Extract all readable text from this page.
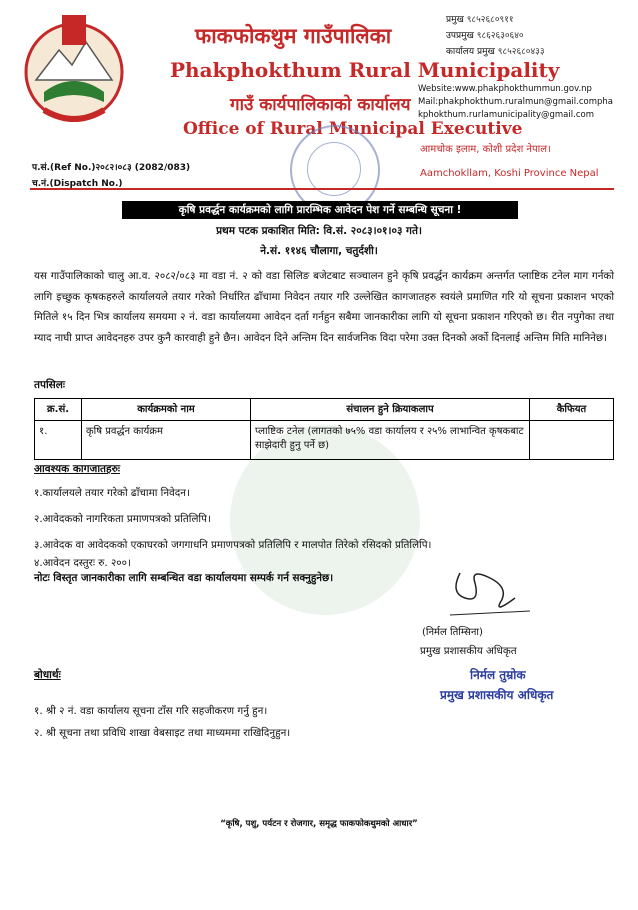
फाकफोकथुम गाउँपालिका
Phakphokthum Rural Municipality
गाउँ कार्यपालिकाको कार्यालय
Office of Rural Municipal Executive
प्रमुख ९८५२६८०९११
उपप्रमुख ९८६२६३०६४०
कार्यालय प्रमुख ९८५२६८०४३३
Website:www.phakphokthummun.gov.np
Mail:phakphokthum.ruralmun@gmail.compha
kphokthum.rurlamunicipality@gmail.com
आमचोक इलाम, कोशी प्रदेश नेपाल।
Aamchokllam, Koshi Province Nepal
प.सं.(Ref No.)२०८२।०८३ (2082/083)
च.नं.(Dispatch No.)
कृषि प्रवर्द्धन कार्यक्रमको लागि प्रारम्भिक आवेदन पेश गर्ने सम्बन्धि सूचना !
प्रथम पटक प्रकाशित मिति: वि.सं. २०८३।०१।०३ गते।
ने.सं. ११४६ चौलागा, चतुर्दशी।
यस गाउँपालिकाको चालु आ.व. २०८२/०८३ मा वडा नं. २ को वडा सिलिङ बजेटबाट सञ्चालन हुने कृषि प्रवर्द्धन कार्यक्रम अन्तर्गत प्लाष्टिक टनेल माग गर्नको लागि इच्छुक कृषकहरुले कार्यालयले तयार गरेको निर्धारित ढाँचामा निवेदन तयार गरि उल्लेखित कागजातहरु स्वयंले प्रमाणित गरि यो सूचना प्रकाशन भएको मितिले १५ दिन भित्र कार्यालय समयमा २ नं. वडा कार्यालयमा आवेदन दर्ता गर्नहुन सबैमा जानकारीका लागि यो सूचना प्रकाशन गरिएको छ। रीत नपुगेका तथा म्याद नाघी प्राप्त आवेदनहरु उपर कुनै कारवाही हुने छैन। आवेदन दिने अन्तिम दिन सार्वजनिक विदा परेमा उक्त दिनको अर्को दिनलाई अन्तिम मिति मानिनेछ।
तपसिलः
क्र.सं.	कार्यक्रमको नाम	संचालन हुने क्रियाकलाप	कैफियत
१.	कृषि प्रवर्द्धन कार्यक्रम	प्लाष्टिक टनेल (लागतको ७५% वडा कार्यालय र २५% लाभान्वित कृषकबाट साझेदारी हुनु पर्ने छ)	
आवश्यक कागजातहरुः
१.कार्यालयले तयार गरेको ढाँचामा निवेदन।
२.आवेदकको नागरिकता प्रमाणपत्रको प्रतिलिपि।
३.आवेदक वा आवेदकको एकाघरको जगगाधनि प्रमाणपत्रको प्रतिलिपि र मालपोत तिरेको रसिदको प्रतिलिपि।
४.आवेदन दस्तुरः रु. २००।
नोटः विस्तृत जानकारीका लागि सम्बन्धित वडा कार्यालयमा सम्पर्क गर्न सक्नुहुनेछ।
(निर्मल तिम्सिना)
प्रमुख प्रशासकीय अधिकृत
निर्मल तुम्रोक
प्रमुख प्रशासकीय अधिकृत
बोधार्थः
१. श्री २ नं. वडा कार्यालय सूचना टाँस गरि सहजीकरण गर्नु हुन।
२. श्री सूचना तथा प्रविधि शाखा वेबसाइट तथा माध्यममा राखिदिनुहुन।
“कृषि, पशु, पर्यटन र रोजगार, समृद्ध फाकफोकथुमको आधार”
